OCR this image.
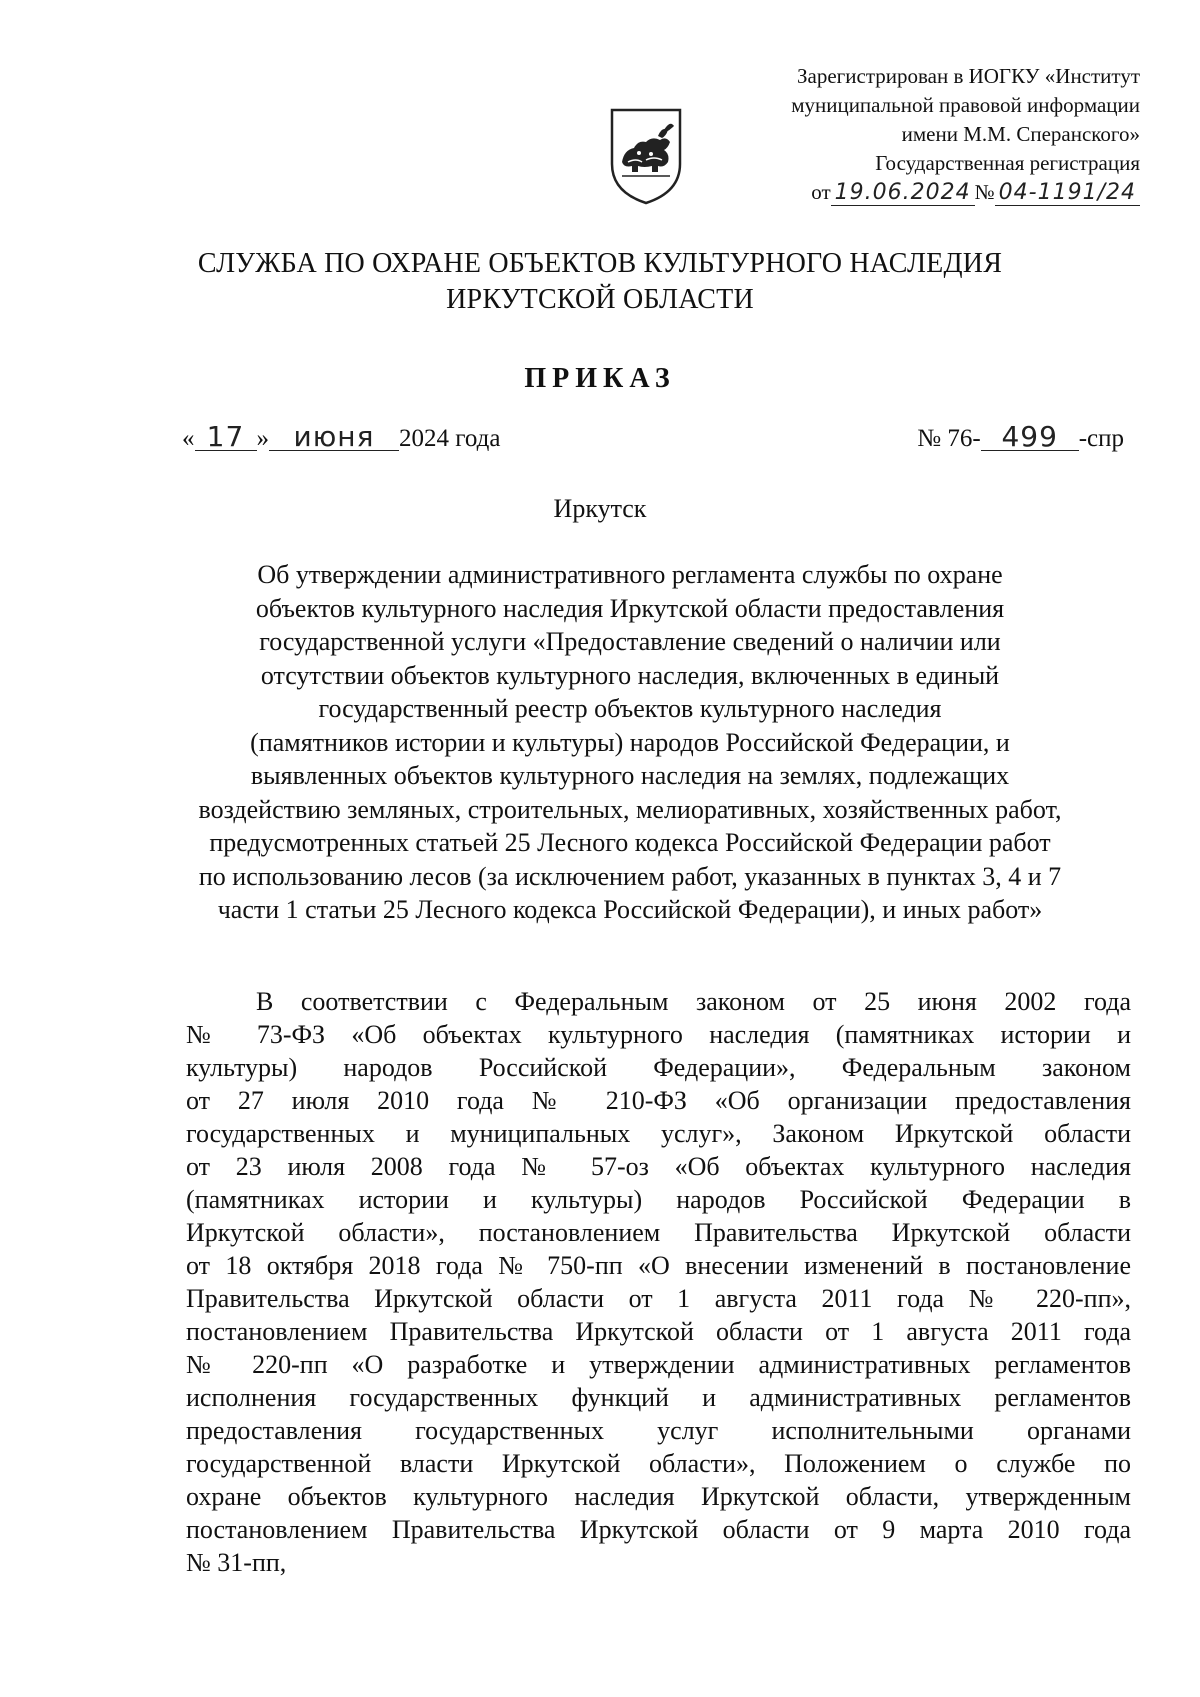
Зарегистрирован в ИОГКУ «Институт
муниципальной правовой информации
имени М.М. Сперанского»
Государственная регистрация
от 19.06.2024 № 04-1191/24
СЛУЖБА ПО ОХРАНЕ ОБЪЕКТОВ КУЛЬТУРНОГО НАСЛЕДИЯ
ИРКУТСКОЙ ОБЛАСТИ
ПРИКАЗ
« 17 » июня 2024 года	№ 76- 499 -спр
Иркутск
Об утверждении административного регламента службы по охране
объектов культурного наследия Иркутской области предоставления
государственной услуги «Предоставление сведений о наличии или
отсутствии объектов культурного наследия, включенных в единый
государственный реестр объектов культурного наследия
(памятников истории и культуры) народов Российской Федерации, и
выявленных объектов культурного наследия на землях, подлежащих
воздействию земляных, строительных, мелиоративных, хозяйственных работ,
предусмотренных статьей 25 Лесного кодекса Российской Федерации работ
по использованию лесов (за исключением работ, указанных в пунктах 3, 4 и 7
части 1 статьи 25 Лесного кодекса Российской Федерации), и иных работ»
В соответствии с Федеральным законом от 25 июня 2002 года
№ 73-ФЗ «Об объектах культурного наследия (памятниках истории и
культуры) народов Российской Федерации», Федеральным законом
от 27 июля 2010 года № 210-ФЗ «Об организации предоставления
государственных и муниципальных услуг», Законом Иркутской области
от 23 июля 2008 года № 57-оз «Об объектах культурного наследия
(памятниках истории и культуры) народов Российской Федерации в
Иркутской области», постановлением Правительства Иркутской области
от 18 октября 2018 года № 750-пп «О внесении изменений в постановление
Правительства Иркутской области от 1 августа 2011 года № 220-пп»,
постановлением Правительства Иркутской области от 1 августа 2011 года
№ 220-пп «О разработке и утверждении административных регламентов
исполнения государственных функций и административных регламентов
предоставления государственных услуг исполнительными органами
государственной власти Иркутской области», Положением о службе по
охране объектов культурного наследия Иркутской области, утвержденным
постановлением Правительства Иркутской области от 9 марта 2010 года
№ 31-пп,
